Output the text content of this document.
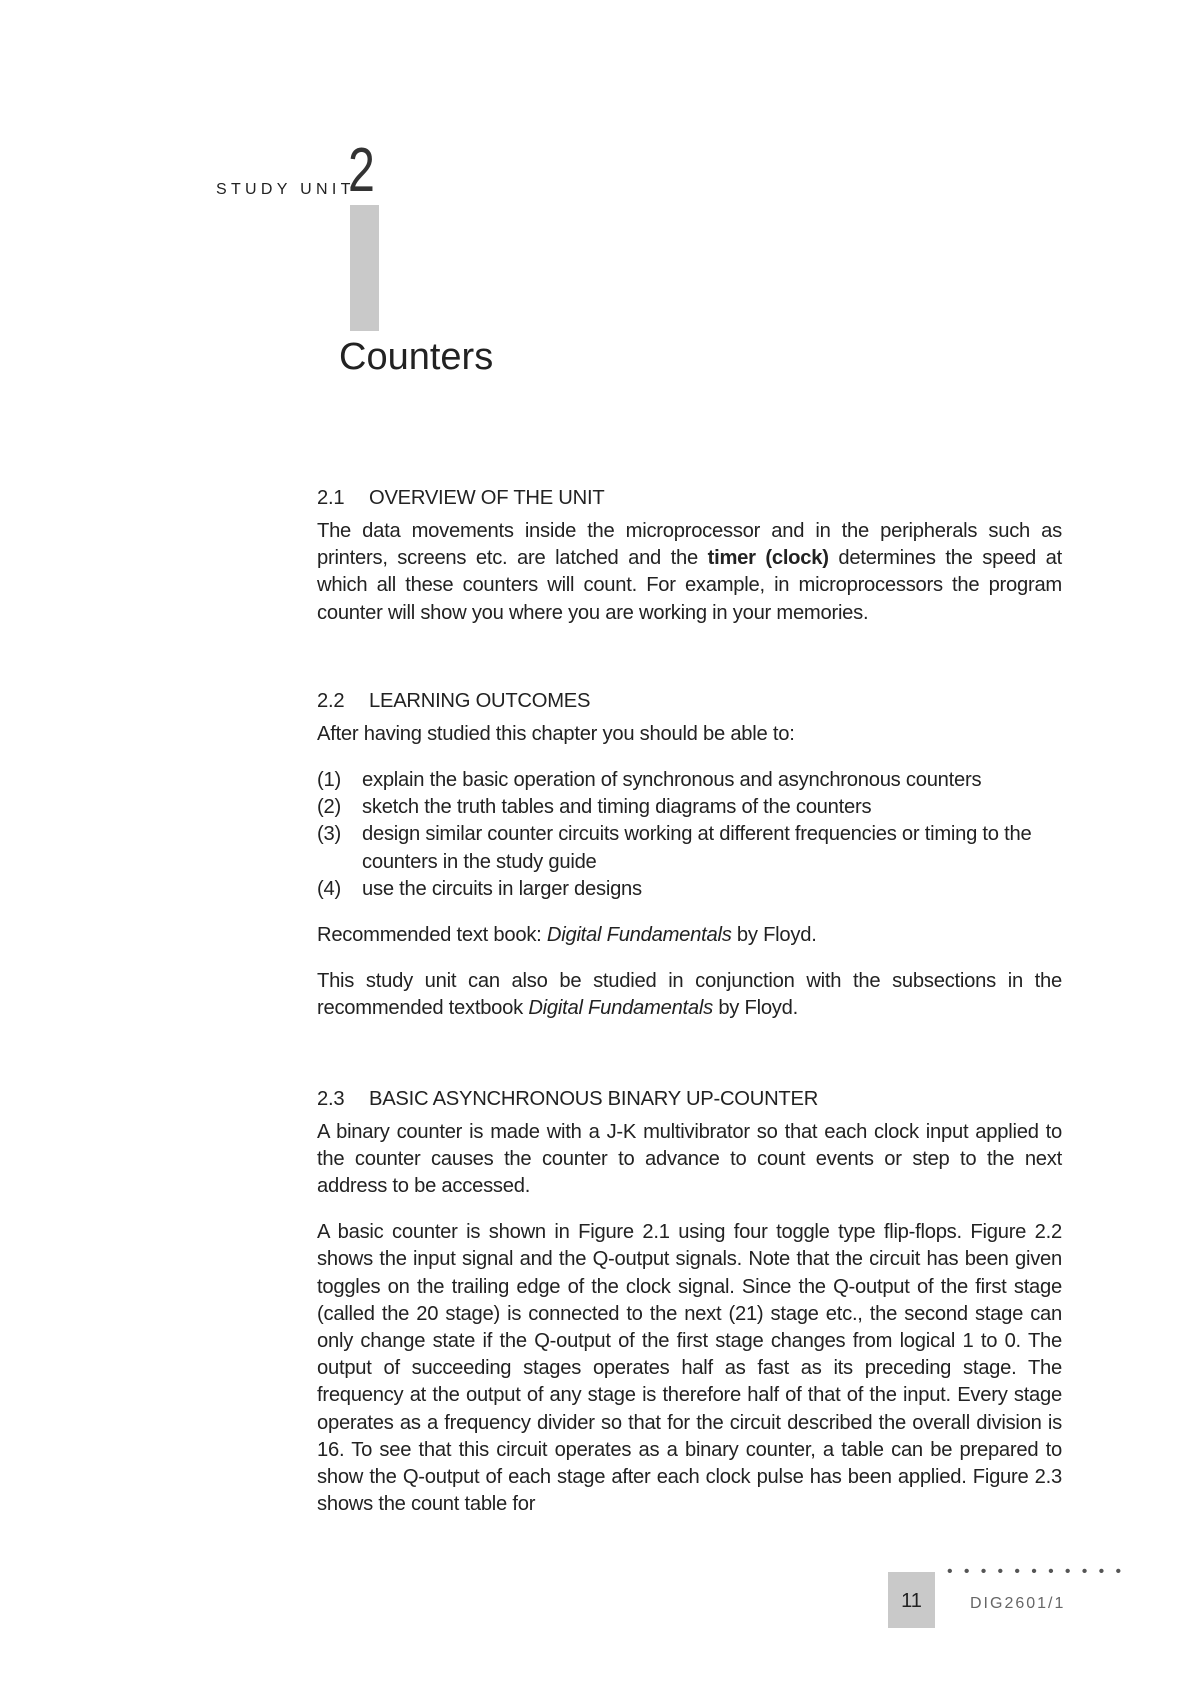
STUDY UNIT
2
Counters
2.1 OVERVIEW OF THE UNIT

The data movements inside the microprocessor and in the peripherals such as printers, screens etc. are latched and the timer (clock) determines the speed at which all these counters will count. For example, in microprocessors the program counter will show you where you are working in your memories.

2.2 LEARNING OUTCOMES

After having studied this chapter you should be able to:

(1)	explain the basic operation of synchronous and asynchronous counters
(2)	sketch the truth tables and timing diagrams of the counters
(3)	design similar counter circuits working at different frequencies or timing to the counters in the study guide
(4)	use the circuits in larger designs

Recommended text book: Digital Fundamentals by Floyd.

This study unit can also be studied in conjunction with the subsections in the recommended textbook Digital Fundamentals by Floyd.

2.3 BASIC ASYNCHRONOUS BINARY UP-COUNTER

A binary counter is made with a J-K multivibrator so that each clock input applied to the counter causes the counter to advance to count events or step to the next address to be accessed.

A basic counter is shown in Figure 2.1 using four toggle type flip-flops. Figure 2.2 shows the input signal and the Q-output signals. Note that the circuit has been given toggles on the trailing edge of the clock signal. Since the Q-output of the first stage (called the 20 stage) is connected to the next (21) stage etc., the second stage can only change state if the Q-output of the first stage changes from logical 1 to 0. The output of succeeding stages operates half as fast as its preceding stage. The frequency at the output of any stage is therefore half of that of the input. Every stage operates as a frequency divider so that for the circuit described the overall division is 16. To see that this circuit operates as a binary counter, a table can be prepared to show the Q-output of each stage after each clock pulse has been applied. Figure 2.3 shows the count table for

• • • • • • • • • • •
11	DIG2601/1
